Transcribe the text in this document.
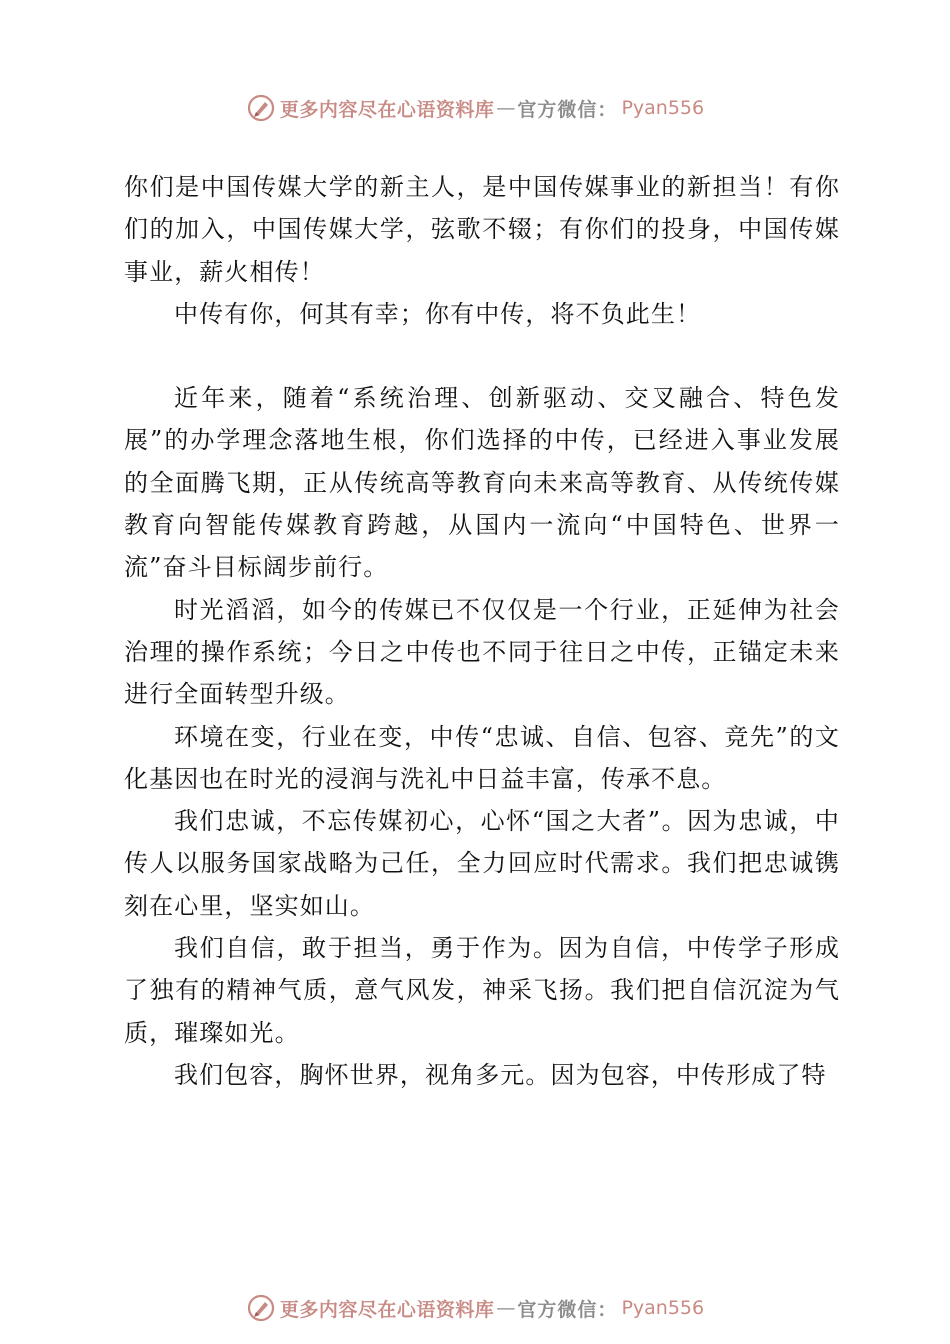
更多内容尽在心语资料库 — 官方微信： Pyan556

你们是中国传媒大学的新主人，是中国传媒事业的新担当！有你们的加入，中国传媒大学，弦歌不辍；有你们的投身，中国传媒事业，薪火相传！

中传有你，何其有幸；你有中传，将不负此生！

近年来，随着“系统治理、创新驱动、交叉融合、特色发展”的办学理念落地生根，你们选择的中传，已经进入事业发展的全面腾飞期，正从传统高等教育向未来高等教育、从传统传媒教育向智能传媒教育跨越，从国内一流向“中国特色、世界一流”奋斗目标阔步前行。

时光滔滔，如今的传媒已不仅仅是一个行业，正延伸为社会治理的操作系统；今日之中传也不同于往日之中传，正锚定未来进行全面转型升级。

环境在变，行业在变，中传“忠诚、自信、包容、竞先”的文化基因也在时光的浸润与洗礼中日益丰富，传承不息。

我们忠诚，不忘传媒初心，心怀“国之大者”。因为忠诚，中传人以服务国家战略为己任，全力回应时代需求。我们把忠诚镌刻在心里，坚实如山。

我们自信，敢于担当，勇于作为。因为自信，中传学子形成了独有的精神气质，意气风发，神采飞扬。我们把自信沉淀为气质，璀璨如光。

我们包容，胸怀世界，视角多元。因为包容，中传形成了特

更多内容尽在心语资料库 — 官方微信： Pyan556
